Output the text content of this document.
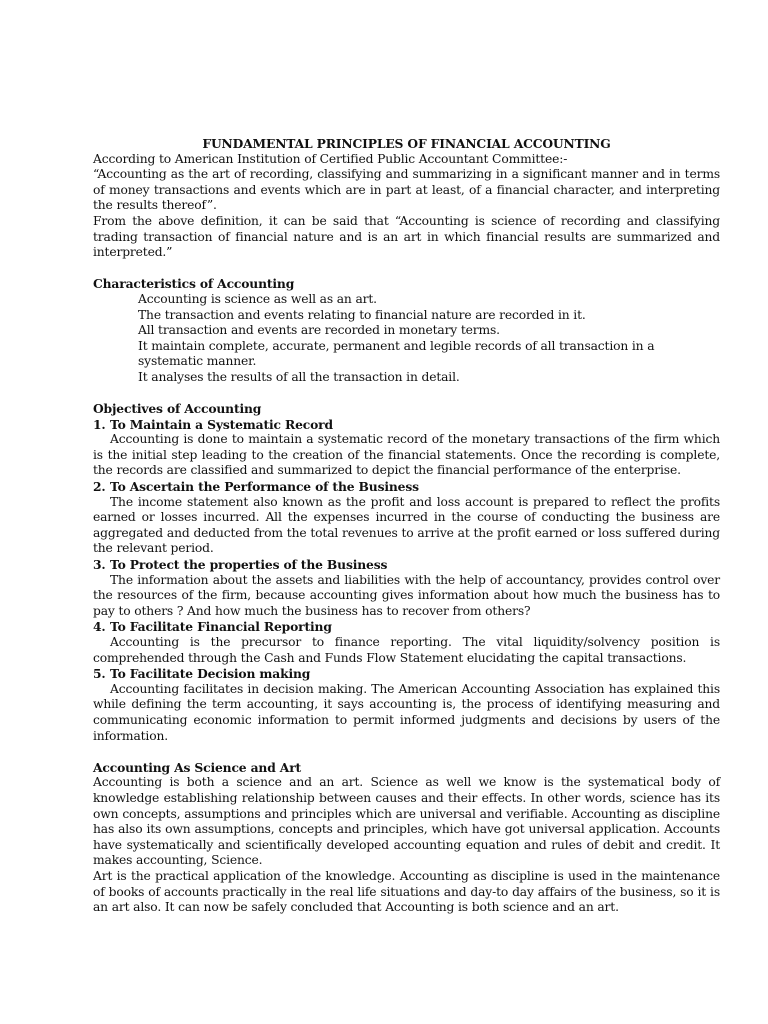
FUNDAMENTAL PRINCIPLES OF FINANCIAL ACCOUNTING

According to American Institution of Certified Public Accountant Committee:-

“Accounting as the art of recording, classifying and summarizing in a significant manner and in terms of money transactions and events which are in part at least, of a financial character, and interpreting the results thereof”.

From the above definition, it can be said that “Accounting is science of recording and classifying trading transaction of financial nature and is an art in which financial results are summarized and interpreted.”

Characteristics of Accounting

Accounting is science as well as an art.
The transaction and events relating to financial nature are recorded in it.
All transaction and events are recorded in monetary terms.
It maintain complete, accurate, permanent and legible records of all transaction in a systematic manner.
It analyses the results of all the transaction in detail.

Objectives of Accounting

1. To Maintain a Systematic Record

Accounting is done to maintain a systematic record of the monetary transactions of the firm which is the initial step leading to the creation of the financial statements. Once the recording is complete, the records are classified and summarized to depict the financial performance of the enterprise.

2. To Ascertain the Performance of the Business

The income statement also known as the profit and loss account is prepared to reflect the profits earned or losses incurred. All the expenses incurred in the course of conducting the business are aggregated and deducted from the total revenues to arrive at the profit earned or loss suffered during the relevant period.

3. To Protect the properties of the Business

The information about the assets and liabilities with the help of accountancy, provides control over the resources of the firm, because accounting gives information about how much the business has to pay to others ? And how much the business has to recover from others?

4. To Facilitate Financial Reporting

Accounting is the precursor to finance reporting. The vital liquidity/solvency position is comprehended through the Cash and Funds Flow Statement elucidating the capital transactions.

5. To Facilitate Decision making

Accounting facilitates in decision making. The American Accounting Association has explained this while defining the term accounting, it says accounting is, the process of identifying measuring and communicating economic information to permit informed judgments and decisions by users of the information.

Accounting As Science and Art

Accounting is both a science and an art. Science as well we know is the systematical body of knowledge establishing relationship between causes and their effects. In other words, science has its own concepts, assumptions and principles which are universal and verifiable. Accounting as discipline has also its own assumptions, concepts and principles, which have got universal application. Accounts have systematically and scientifically developed accounting equation and rules of debit and credit. It makes accounting, Science.

Art is the practical application of the knowledge. Accounting as discipline is used in the maintenance of books of accounts practically in the real life situations and day-to day affairs of the business, so it is an art also. It can now be safely concluded that Accounting is both science and an art.
